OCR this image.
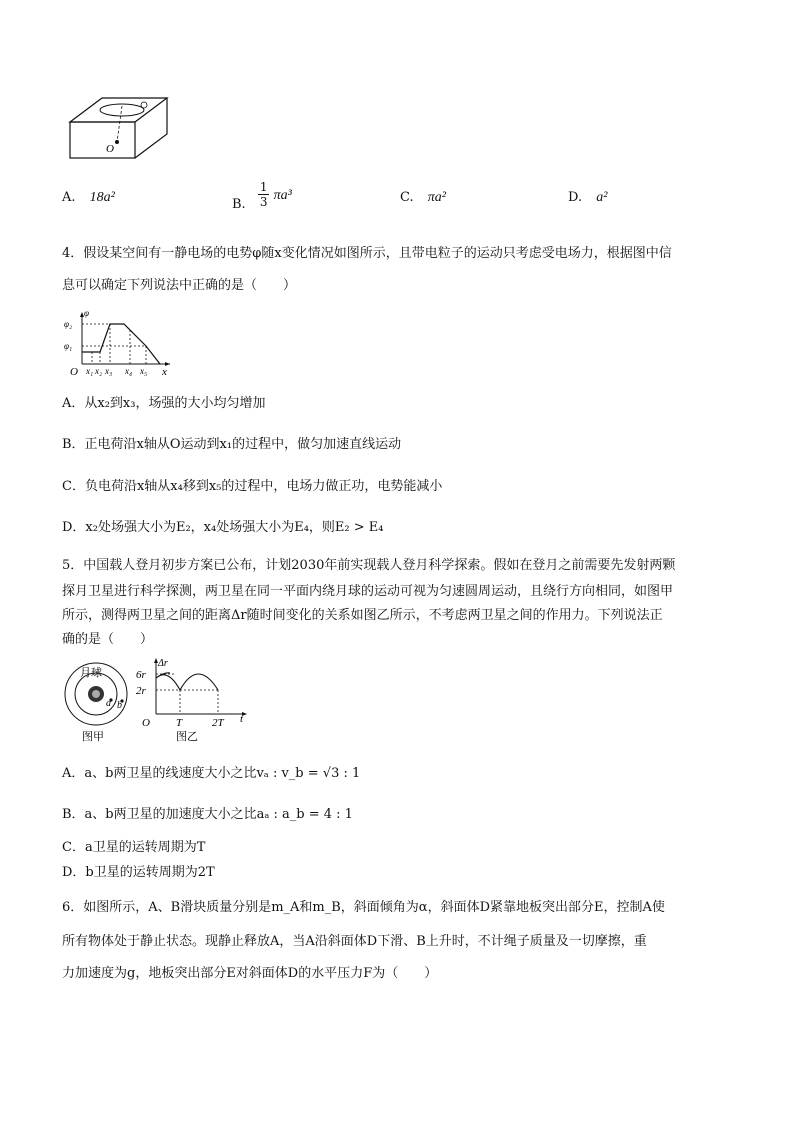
O
A. 18a²	B. $\frac{1}{3} \pi a^3$	C. πa²	D. a²
4．假设某空间有一静电场的电势φ随x变化情况如图所示，且带电粒子的运动只考虑受电场力，根据图中信
息可以确定下列说法中正确的是（　　）
φ
φ₂
φ₁
O x₁ x₂ x₃ x₄ x₅ x
A．从x₂到x₃，场强的大小均匀增加
B．正电荷沿x轴从O运动到x₁的过程中，做匀加速直线运动
C．负电荷沿x轴从x₄移到x₅的过程中，电场力做正功，电势能减小
D．x₂处场强大小为E₂，x₄处场强大小为E₄，则E₂ > E₄
5．中国载人登月初步方案已公布，计划2030年前实现载人登月科学探索。假如在登月之前需要先发射两颗
探月卫星进行科学探测，两卫星在同一平面内绕月球的运动可视为匀速圆周运动，且绕行方向相同，如图甲
所示，测得两卫星之间的距离Δr随时间变化的关系如图乙所示，不考虑两卫星之间的作用力。下列说法正
确的是（　　）
月球
a b
图甲
Δr
6r
2r
O T	2T t
图乙
A．a、b两卫星的线速度大小之比vₐ : v_b = √3 : 1
B．a、b两卫星的加速度大小之比aₐ : a_b = 4 : 1
C．a卫星的运转周期为T
D．b卫星的运转周期为2T
6．如图所示，A、B滑块质量分别是m_A和m_B，斜面倾角为α，斜面体D紧靠地板突出部分E，控制A使
所有物体处于静止状态。现静止释放A，当A沿斜面体D下滑、B上升时，不计绳子质量及一切摩擦，重
力加速度为g，地板突出部分E对斜面体D的水平压力F为（　　）
